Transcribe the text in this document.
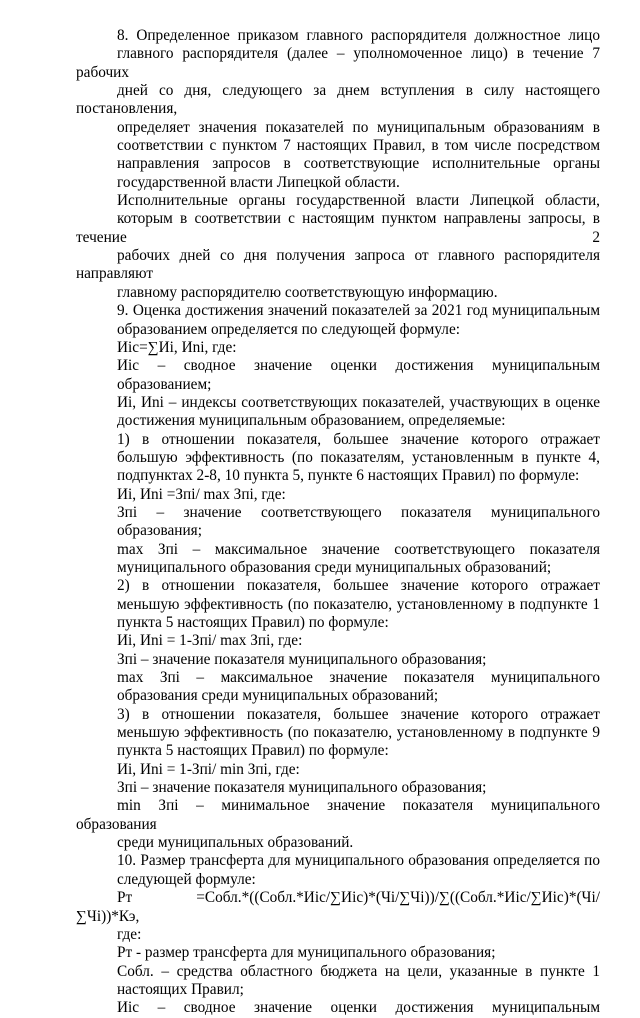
8. Определенное приказом главного распорядителя должностное лицо
главного распорядителя (далее – уполномоченное лицо) в течение 7 рабочих
дней со дня, следующего за днем вступления в силу настоящего постановления,
определяет значения показателей по муниципальным образованиям в
соответствии с пунктом 7 настоящих Правил, в том числе посредством
направления запросов в соответствующие исполнительные органы
государственной власти Липецкой области.
Исполнительные органы государственной власти Липецкой области,
которым в соответствии с настоящим пунктом направлены запросы, в течение 2
рабочих дней со дня получения запроса от главного распорядителя направляют
главному распорядителю соответствующую информацию.
9. Оценка достижения значений показателей за 2021 год муниципальным
образованием определяется по следующей формуле:
Иic=∑Иi, Иni, где:
Иic – сводное значение оценки достижения муниципальным
образованием;
Иi, Иni – индексы соответствующих показателей, участвующих в оценке
достижения муниципальным образованием, определяемые:
1) в отношении показателя, большее значение которого отражает
большую эффективность (по показателям, установленным в пункте 4,
подпунктах 2-8, 10 пункта 5, пункте 6 настоящих Правил) по формуле:
Иi, Иni =Зпi/ max Зпi, где:
Зпi – значение соответствующего показателя муниципального
образования;
max Зпi – максимальное значение соответствующего показателя
муниципального образования среди муниципальных образований;
2) в отношении показателя, большее значение которого отражает
меньшую эффективность (по показателю, установленному в подпункте 1
пункта 5 настоящих Правил) по формуле:
Иi, Иni = 1-Зпi/ max Зпi, где:
Зпi – значение показателя муниципального образования;
max Зпi – максимальное значение показателя муниципального
образования среди муниципальных образований;
3) в отношении показателя, большее значение которого отражает
меньшую эффективность (по показателю, установленному в подпункте 9
пункта 5 настоящих Правил) по формуле:
Иi, Иni = 1-Зпi/ min Зпi, где:
Зпi – значение показателя муниципального образования;
min Зпi – минимальное значение показателя муниципального образования
среди муниципальных образований.
10. Размер трансферта для муниципального образования определяется по
следующей формуле:
Рт =Собл.*((Собл.*Иic/∑Иic)*(Чi/∑Чi))/∑((Собл.*Иic/∑Иic)*(Чi/∑Чi))*Кэ,
где:
Рт - размер трансферта для муниципального образования;
Собл. – средства областного бюджета на цели, указанные в пункте 1
настоящих Правил;
Иic – сводное значение оценки достижения муниципальным
